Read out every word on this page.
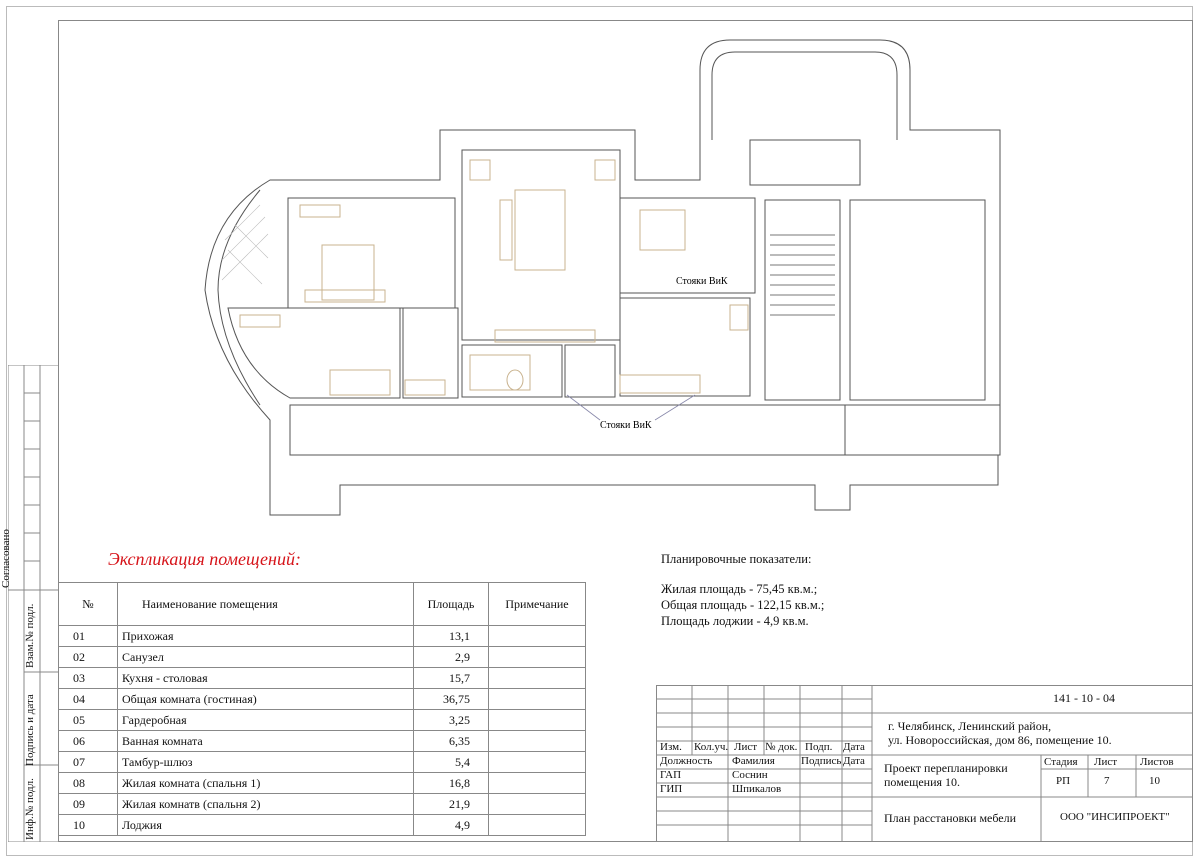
Согласовано
Взам.№ подл.
Подпись и дата
Инф.№ подл.
Стояки ВиК
Стояки ВиК
Экспликация помещений:
№	Наименование помещения	Площадь	Примечание
01	Прихожая	13,1	
02	Санузел	2,9	
03	Кухня - столовая	15,7	
04	Общая комната (гостиная)	36,75	
05	Гардеробная	3,25	
06	Ванная комната	6,35	
07	Тамбур-шлюз	5,4	
08	Жилая комната (спальня 1)	16,8	
09	Жилая комнатв (спальня 2)	21,9	
10	Лоджия	4,9	
Планировочные показатели:
Жилая площадь - 75,45 кв.м.;
Общая площадь - 122,15 кв.м.;
Площадь лоджии - 4,9 кв.м.
141 - 10 - 04
г. Челябинск, Ленинский район,
ул. Новороссийская, дом 86, помещение 10.
Изм. Кол.уч. Лист № док. Подп. Дата
Должность Фамилия Подпись Дата
ГАП	Соснин
ГИП	Шпикалов
Проект перепланировки
помещения 10.
Стадия Лист Листов
РП	7	10
План расстановки мебели	ООО "ИНСИПРОЕКТ"
